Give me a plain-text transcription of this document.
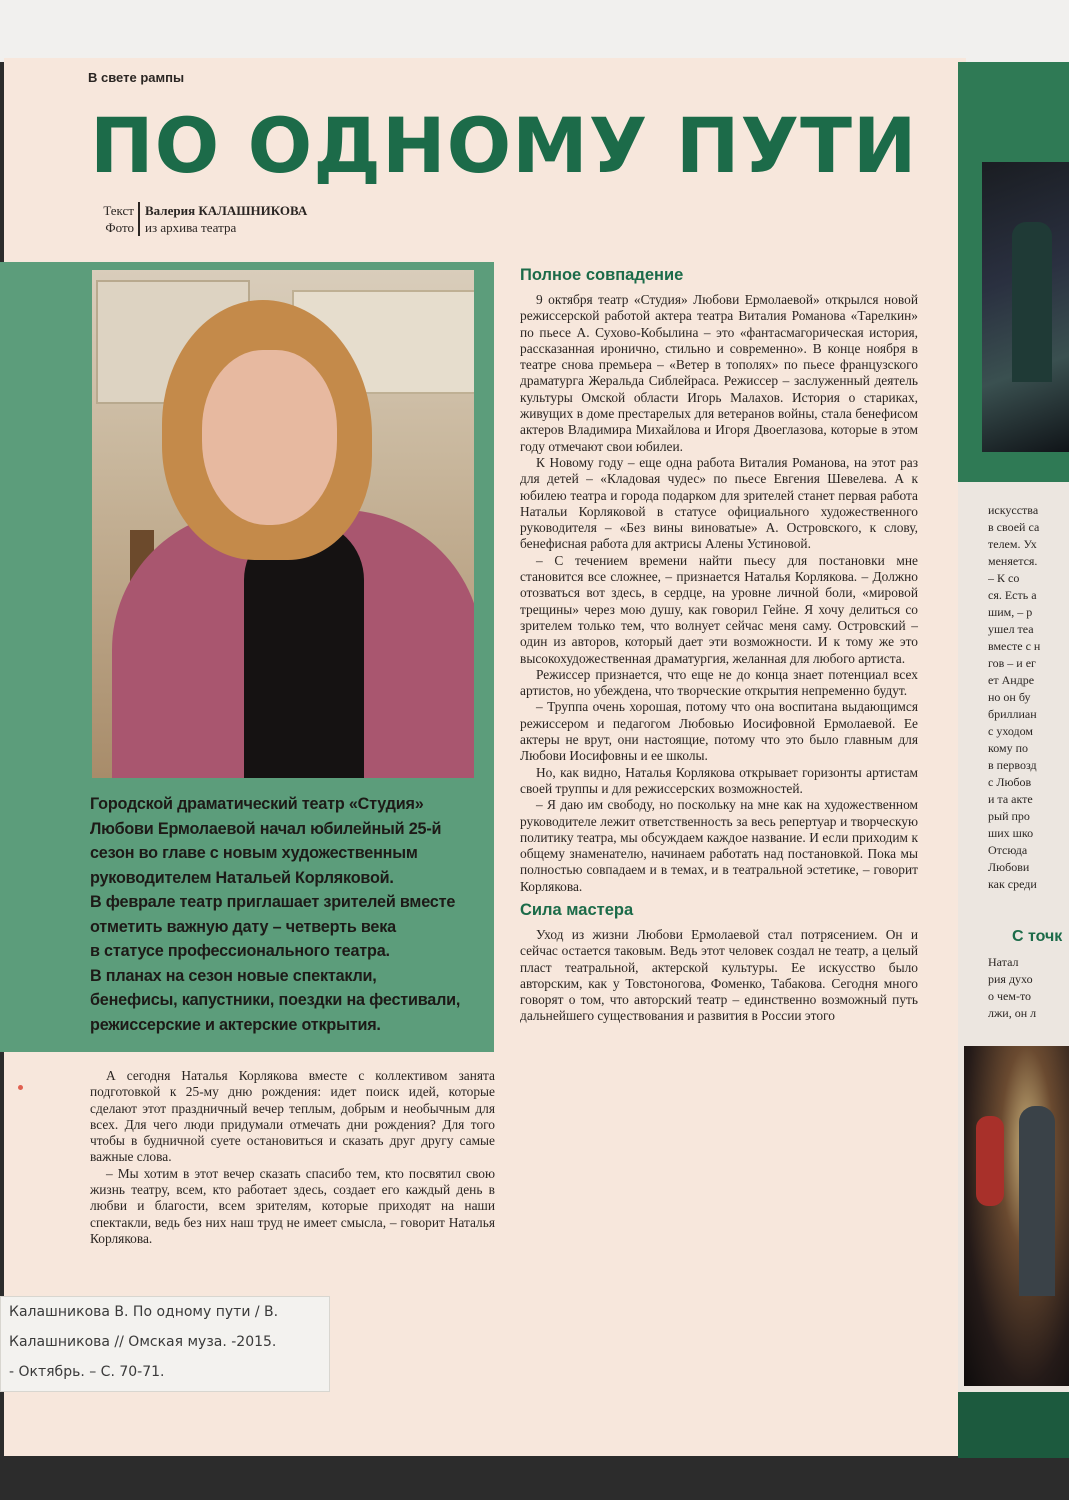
искусства
в своей са
телем. Ух
меняется.
– К со
ся. Есть а
шим, – р
ушел теа
вместе с н
гов – и ег
ет Андре
но он бу
бриллиан
с уходом
кому по
в первозд
с Любов
и та акте
рый про
ших шко
Отсюда
Любови
как среди
С точк
Натал
рия духо
о чем-то
лжи, он л
В свете рампы
ПО ОДНОМУ ПУТИ
Текст Валерия КАЛАШНИКОВА
Фото из архива театра

Городской драматический театр «Студия»

Любови Ермолаевой начал юбилейный 25-й

сезон во главе с новым художественным

руководителем Натальей Корляковой.

В феврале театр приглашает зрителей вместе

отметить важную дату – четверть века

в статусе профессионального театра.

В планах на сезон новые спектакли,

бенефисы, капустники, поездки на фестивали,

режиссерские и актерские открытия.

А сегодня Наталья Корлякова вместе с коллективом занята подготовкой к 25-му дню рождения: идет поиск идей, которые сделают этот праздничный вечер теплым, добрым и необычным для всех. Для чего люди придумали отмечать дни рождения? Для того чтобы в будничной суете остановиться и сказать друг другу самые важные слова.

– Мы хотим в этот вечер сказать спасибо тем, кто посвятил свою жизнь театру, всем, кто работает здесь, создает его каждый день в любви и благости, всем зрителям, которые приходят на наши спектакли, ведь без них наш труд не имеет смысла, – говорит Наталья Корлякова.

Полное совпадение

9 октября театр «Студия» Любови Ермолаевой» открылся новой режиссерской работой актера театра Виталия Романова «Тарелкин» по пьесе А. Сухово-Кобылина – это «фантасмагорическая история, рассказанная иронично, стильно и современно». В конце ноября в театре снова премьера – «Ветер в тополях» по пьесе французского драматурга Жеральда Сиблейраса. Режиссер – заслуженный деятель культуры Омской области Игорь Малахов. История о стариках, живущих в доме престарелых для ветеранов войны, стала бенефисом актеров Владимира Михайлова и Игоря Двоеглазова, которые в этом году отмечают свои юбилеи.

К Новому году – еще одна работа Виталия Романова, на этот раз для детей – «Кладовая чудес» по пьесе Евгения Шевелева. А к юбилею театра и города подарком для зрителей станет первая работа Натальи Корляковой в статусе официального художественного руководителя – «Без вины виноватые» А. Островского, к слову, бенефисная работа для актрисы Алены Устиновой.

– С течением времени найти пьесу для постановки мне становится все сложнее, – признается Наталья Корлякова. – Должно отозваться вот здесь, в сердце, на уровне личной боли, «мировой трещины» через мою душу, как говорил Гейне. Я хочу делиться со зрителем только тем, что волнует сейчас меня саму. Островский – один из авторов, который дает эти возможности. И к тому же это высокохудожественная драматургия, желанная для любого артиста.

Режиссер признается, что еще не до конца знает потенциал всех артистов, но убеждена, что творческие открытия непременно будут.

– Труппа очень хорошая, потому что она воспитана выдающимся режиссером и педагогом Любовью Иосифовной Ермолаевой. Ее актеры не врут, они настоящие, потому что это было главным для Любови Иосифовны и ее школы.

Но, как видно, Наталья Корлякова открывает горизонты артистам своей труппы и для режиссерских возможностей.

– Я даю им свободу, но поскольку на мне как на художественном руководителе лежит ответственность за весь репертуар и творческую политику театра, мы обсуждаем каждое название. И если приходим к общему знаменателю, начинаем работать над постановкой. Пока мы полностью совпадаем и в темах, и в театральной эстетике, – говорит Корлякова.

Сила мастера

Уход из жизни Любови Ермолаевой стал потрясением. Он и сейчас остается таковым. Ведь этот человек создал не театр, а целый пласт театральной, актерской культуры. Ее искусство было авторским, как у Товстоногова, Фоменко, Табакова. Сегодня много говорят о том, что авторский театр – единственно возможный путь дальнейшего существования и развития в России этого

Калашникова В. По одному пути / В.
Калашникова // Омская муза. -2015.
- Октябрь. – С. 70-71.
